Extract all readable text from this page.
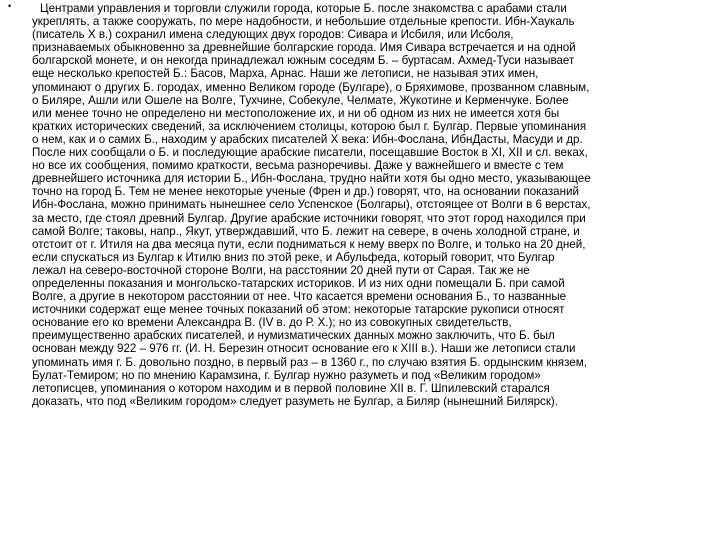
•	Центрами управления и торговли служили города, которые Б. после знакомства с арабами стали
укреплять, а также сооружать, по мере надобности, и небольшие отдельные крепости. Ибн-Хаукаль
(писатель X в.) сохранил имена следующих двух городов: Сивара и Исбиля, или Исболя,
признаваемых обыкновенно за древнейшие болгарские города. Имя Сивара встречается и на одной
болгарской монете, и он некогда принадлежал южным соседям Б. – буртасам. Ахмед-Туси называет
еще несколько крепостей Б.: Басов, Марха, Арнас. Наши же летописи, не называя этих имен,
упоминают о других Б. городах, именно Великом городе (Булгаре), о Бряхимове, прозванном славным,
о Биляре, Ашли или Ошеле на Волге, Тухчине, Собекуле, Челмате, Жукотине и Керменчуке. Более
или менее точно не определено ни местоположение их, и ни об одном из них не имеется хотя бы
кратких исторических сведений, за исключением столицы, которою был г. Булгар. Первые упоминания
о нем, как и о самих Б., находим у арабских писателей X века: Ибн-Фослана, ИбнДасты, Масуди и др.
После них сообщали о Б. и последующие арабские писатели, посещавшие Восток в XI, XII и сл. веках,
но все их сообщения, помимо краткости, весьма разноречивы. Даже у важнейшего и вместе с тем
древнейшего источника для истории Б., Ибн-Фослана, трудно найти хотя бы одно место, указывающее
точно на город Б. Тем не менее некоторые ученые (Френ и др.) говорят, что, на основании показаний
Ибн-Фослана, можно принимать нынешнее село Успенское (Болгары), отстоящее от Волги в 6 верстах,
за место, где стоял древний Булгар. Другие арабские источники говорят, что этот город находился при
самой Волге; таковы, напр., Якут, утверждавший, что Б. лежит на севере, в очень холодной стране, и
отстоит от г. Итиля на два месяца пути, если подниматься к нему вверх по Волге, и только на 20 дней,
если спускаться из Булгар к Итилю вниз по этой реке, и Абульфеда, который говорит, что Булгар
лежал на северо-восточной стороне Волги, на расстоянии 20 дней пути от Сарая. Так же не
определенны показания и монгольско-татарских историков. И из них одни помещали Б. при самой
Волге, а другие в некотором расстоянии от нее. Что касается времени основания Б., то названные
источники содержат еще менее точных показаний об этом: некоторые татарские рукописи относят
основание его ко времени Александра В. (IV в. до Р. Х.); но из совокупных свидетельств,
преимущественно арабских писателей, и нумизматических данных можно заключить, что Б. был
основан между 922 – 976 гг. (И. Н. Березин относит основание его к XIII в.). Наши же летописи стали
упоминать имя г. Б. довольно поздно, в первый раз – в 1360 г., по случаю взятия Б. ордынским князем,
Булат-Темиром; но по мнению Карамзина, г. Булгар нужно разуметь и под «Великим городом»
летописцев, упоминания о котором находим и в первой половине XII в. Г. Шпилевский старался
доказать, что под «Великим городом» следует разуметь не Булгар, а Биляр (нынешний Билярск).
